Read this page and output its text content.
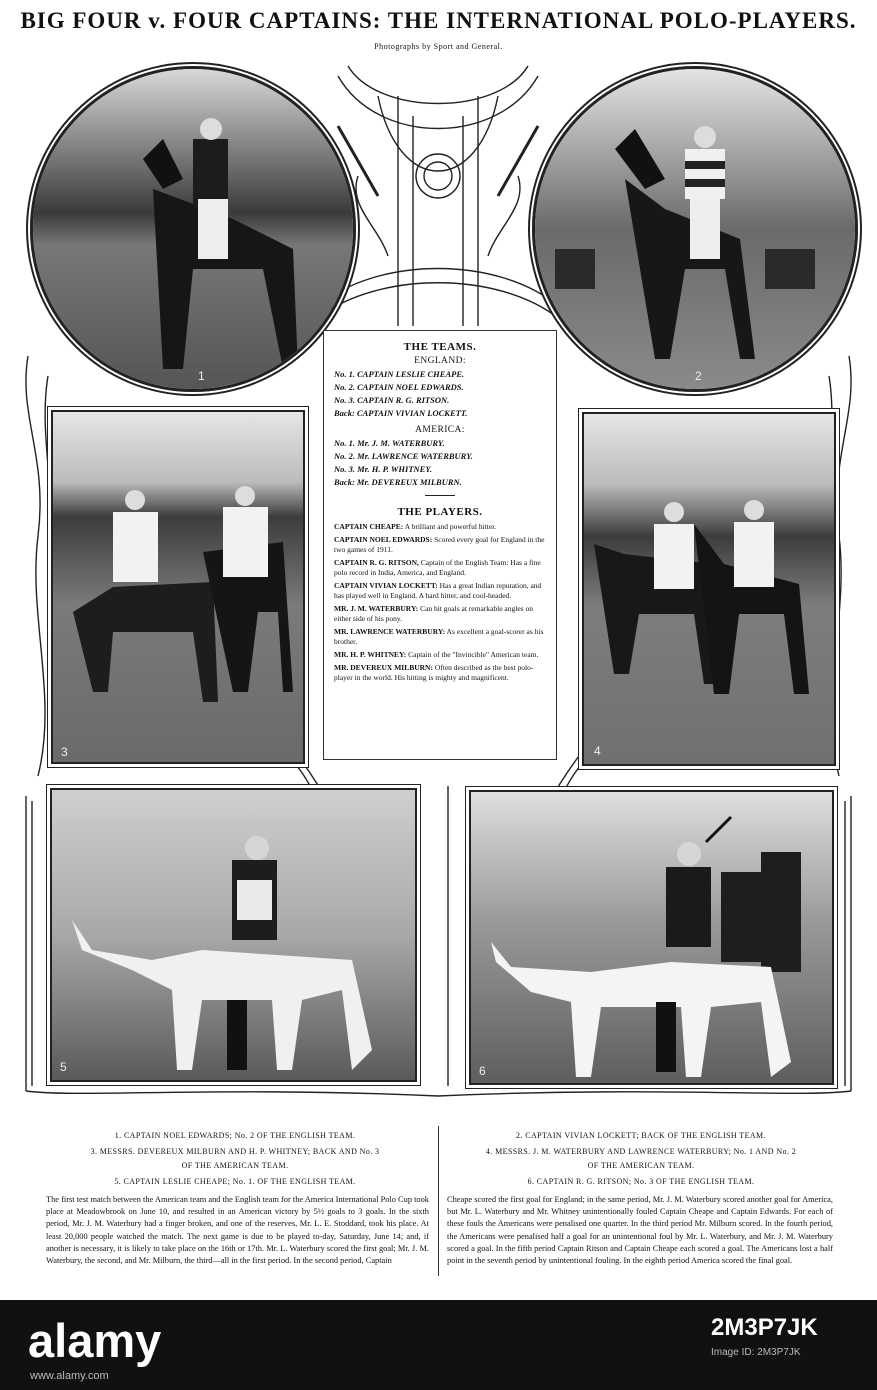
BIG FOUR v. FOUR CAPTAINS: THE INTERNATIONAL POLO-PLAYERS.
Photographs by Sport and General.
1	2
3	4
5	6
THE TEAMS.
ENGLAND:
No. 1. CAPTAIN LESLIE CHEAPE.
No. 2. CAPTAIN NOEL EDWARDS.
No. 3. CAPTAIN R. G. RITSON.
Back: CAPTAIN VIVIAN LOCKETT.
AMERICA:
No. 1. Mr. J. M. WATERBURY.
No. 2. Mr. LAWRENCE WATERBURY.
No. 3. Mr. H. P. WHITNEY.
Back: Mr. DEVEREUX MILBURN.
THE PLAYERS.
CAPTAIN CHEAPE: A brilliant and powerful hitter.
CAPTAIN NOEL EDWARDS: Scored every goal for England in the two games of 1911.
CAPTAIN R. G. RITSON, Captain of the English Team: Has a fine polo record in India, America, and England.
CAPTAIN VIVIAN LOCKETT: Has a great Indian reputation, and has played well in England. A hard hitter, and cool-headed.
MR. J. M. WATERBURY: Can hit goals at remarkable angles on either side of his pony.
MR. LAWRENCE WATERBURY: As excellent a goal-scorer as his brother.
MR. H. P. WHITNEY: Captain of the "Invincible" American team.
MR. DEVEREUX MILBURN: Often described as the best polo-player in the world. His hitting is mighty and magnificent.
1. CAPTAIN NOEL EDWARDS; No. 2 OF THE ENGLISH TEAM.
3. MESSRS. DEVEREUX MILBURN AND H. P. WHITNEY; BACK AND No. 3
OF THE AMERICAN TEAM.
5. CAPTAIN LESLIE CHEAPE; No. 1. OF THE ENGLISH TEAM.
2. CAPTAIN VIVIAN LOCKETT; BACK OF THE ENGLISH TEAM.
4. MESSRS. J. M. WATERBURY AND LAWRENCE WATERBURY; No. 1 AND No. 2
OF THE AMERICAN TEAM.
6. CAPTAIN R. G. RITSON; No. 3 OF THE ENGLISH TEAM.
The first test match between the American team and the English team for the America International Polo Cup took place at Meadowbrook on June 10, and resulted in an American victory by 5½ goals to 3 goals. In the sixth period, Mr. J. M. Waterbury had a finger broken, and one of the reserves, Mr. L. E. Stoddard, took his place. At least 20,000 people watched the match. The next game is due to be played to-day, Saturday, June 14; and, if another is necessary, it is likely to take place on the 16th or 17th. Mr. L. Waterbury scored the first goal; Mr. J. M. Waterbury, the second, and Mr. Milburn, the third—all in the first period. In the second period, Captain
Cheape scored the first goal for England; in the same period, Mr. J. M. Waterbury scored another goal for America, but Mr. L. Waterbury and Mr. Whitney unintentionally fouled Captain Cheape and Captain Edwards. For each of these fouls the Americans were penalised one quarter. In the third period Mr. Milburn scored. In the fourth period, the Americans were penalised half a goal for an unintentional foul by Mr. L. Waterbury, and Mr. J. M. Waterbury scored a goal. In the fifth period Captain Ritson and Captain Cheape each scored a goal. The Americans lost a half point in the seventh period by unintentional fouling. In the eighth period America scored the final goal.
alamy
www.alamy.com
2M3P7JK
Image ID: 2M3P7JK
